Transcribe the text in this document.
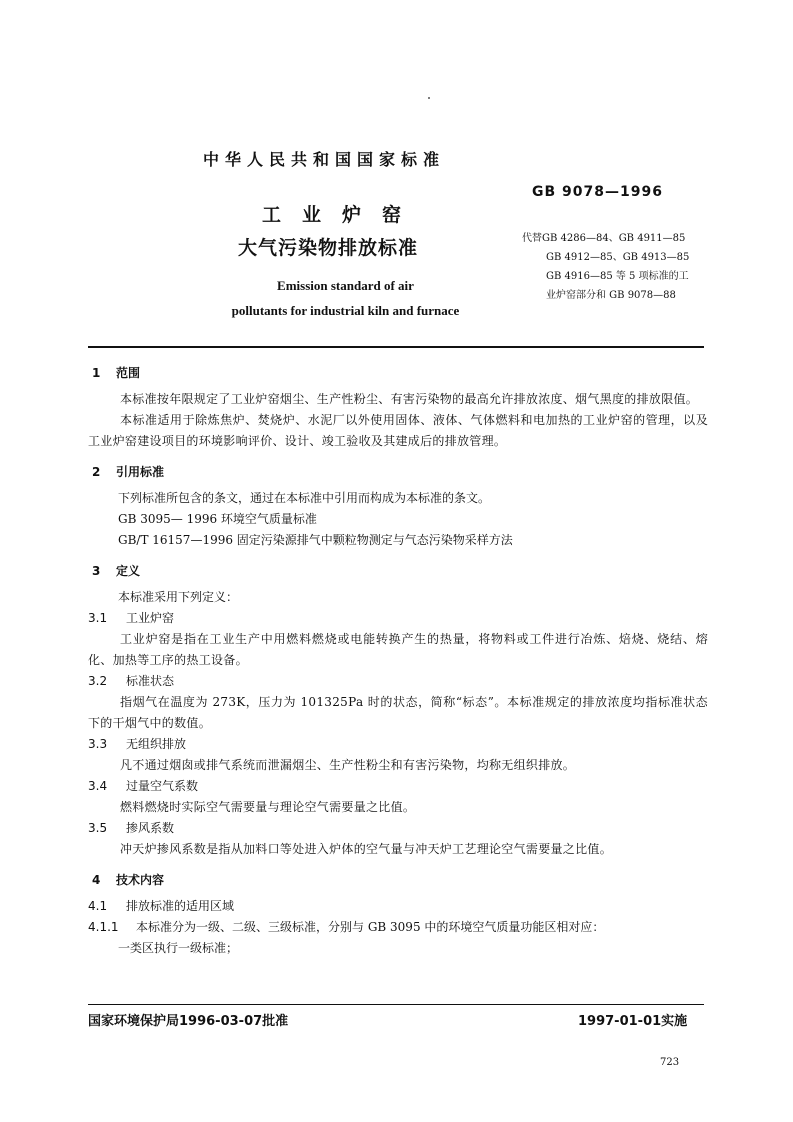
中华人民共和国国家标准
GB 9078—1996
工业炉窑
大气污染物排放标准
Emission standard of air
pollutants for industrial kiln and furnace
代替GB 4286—84、GB 4911—85
GB 4912—85、GB 4913—85
GB 4916—85 等 5 项标准的工
业炉窑部分和 GB 9078—88
1 范围
本标准按年限规定了工业炉窑烟尘、生产性粉尘、有害污染物的最高允许排放浓度、烟气黑度的排放限值。
本标准适用于除炼焦炉、焚烧炉、水泥厂以外使用固体、液体、气体燃料和电加热的工业炉窑的管理，以及工业炉窑建设项目的环境影响评价、设计、竣工验收及其建成后的排放管理。
2 引用标准
下列标准所包含的条文，通过在本标准中引用而构成为本标准的条文。
GB 3095— 1996 环境空气质量标准
GB/T 16157—1996 固定污染源排气中颗粒物测定与气态污染物采样方法
3 定义
本标准采用下列定义：
3.1 工业炉窑
工业炉窑是指在工业生产中用燃料燃烧或电能转换产生的热量，将物料或工件进行冶炼、焙烧、烧结、熔化、加热等工序的热工设备。
3.2 标准状态
指烟气在温度为 273K，压力为 101325Pa 时的状态，简称“标态”。本标准规定的排放浓度均指标准状态下的干烟气中的数值。
3.3 无组织排放
凡不通过烟囱或排气系统而泄漏烟尘、生产性粉尘和有害污染物，均称无组织排放。
3.4 过量空气系数
燃料燃烧时实际空气需要量与理论空气需要量之比值。
3.5 掺风系数
冲天炉掺风系数是指从加料口等处进入炉体的空气量与冲天炉工艺理论空气需要量之比值。
4 技术内容
4.1 排放标准的适用区域
4.1.1 本标准分为一级、二级、三级标准，分别与 GB 3095 中的环境空气质量功能区相对应：
一类区执行一级标准；
国家环境保护局1996-03-07批准	1997-01-01实施
723
